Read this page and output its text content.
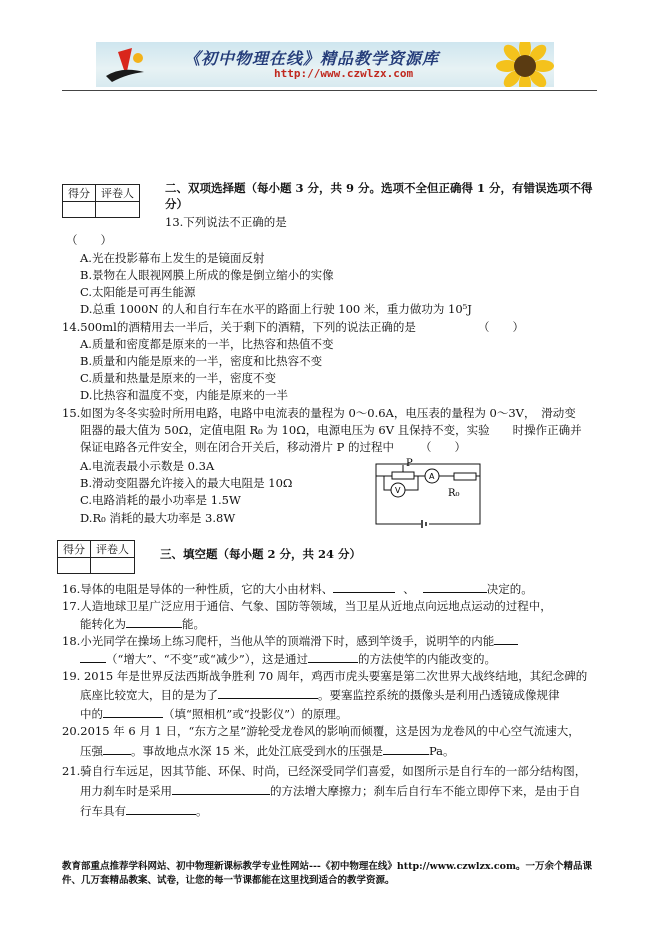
《初中物理在线》精品教学资源库
http://www.czwlzx.com
得分	评卷人
		二、双项选择题（每小题 3 分，共 9 分。选项不全但正确得 1 分，有错误选项不得
分）
13.下列说法不正确的是
（　　）
A.光在投影幕布上发生的是镜面反射
B.景物在人眼视网膜上所成的像是倒立缩小的实像
C.太阳能是可再生能源
D.总重 1000N 的人和自行车在水平的路面上行驶 100 米，重力做功为 10⁵J
14.500ml的酒精用去一半后，关于剩下的酒精，下列的说法正确的是	（　　）
A.质量和密度都是原来的一半，比热容和热值不变
B.质量和内能是原来的一半，密度和比热容不变
C.质量和热量是原来的一半，密度不变
D.比热容和温度不变，内能是原来的一半
15.如图为冬冬实验时所用电路，电路中电流表的量程为 0～0.6A，电压表的量程为 0～3V，　滑动变
阻器的最大值为 50Ω，定值电阻 R₀ 为 10Ω，电源电压为 6V 且保持不变，实验　　时操作正确并
保证电路各元件安全，则在闭合开关后，移动滑片 P 的过程中 （　　）
A.电流表最小示数是 0.3A
B.滑动变阻器允许接入的最大电阻是 10Ω
C.电路消耗的最小功率是 1.5W
D.R₀ 消耗的最大功率是 3.8W
P
A
V	R₀
得分	评卷人
		三、填空题（每小题 2 分，共 24 分）
16.导体的电阻是导体的一种性质，它的大小由材料、	、	决定的。
17.人造地球卫星广泛应用于通信、气象、国防等领域，当卫星从近地点向远地点运动的过程中，
能转化为	能。
18.小光同学在操场上练习爬杆，当他从竿的顶端滑下时，感到竿烫手，说明竿的内能
（“增大”、“不变”或“减少”），这是通过	的方法使竿的内能改变的。
19. 2015 年是世界反法西斯战争胜利 70 周年，鸡西市虎头要塞是第二次世界大战终结地，其纪念碑的
底座比较宽大，目的是为了	。要塞监控系统的摄像头是利用凸透镜成像规律
中的	（填“照相机”或“投影仪”）的原理。
20.2015 年 6 月 1 日，“东方之星”游轮受龙卷风的影响而倾覆，这是因为龙卷风的中心空气流速大，
压强 。事故地点水深 15 米，此处江底受到水的压强是	Pa。
21.骑自行车远足，因其节能、环保、时尚，已经深受同学们喜爱，如图所示是自行车的一部分结构图，
用力刹车时是采用	的方法增大摩擦力；刹车后自行车不能立即停下来，是由于自
行车具有	。
教育部重点推荐学科网站、初中物理新课标教学专业性网站---《初中物理在线》http://www.czwlzx.com。一万余个精品课件、几万套精品教案、试卷，让您的每一节课都能在这里找到适合的教学资源。
